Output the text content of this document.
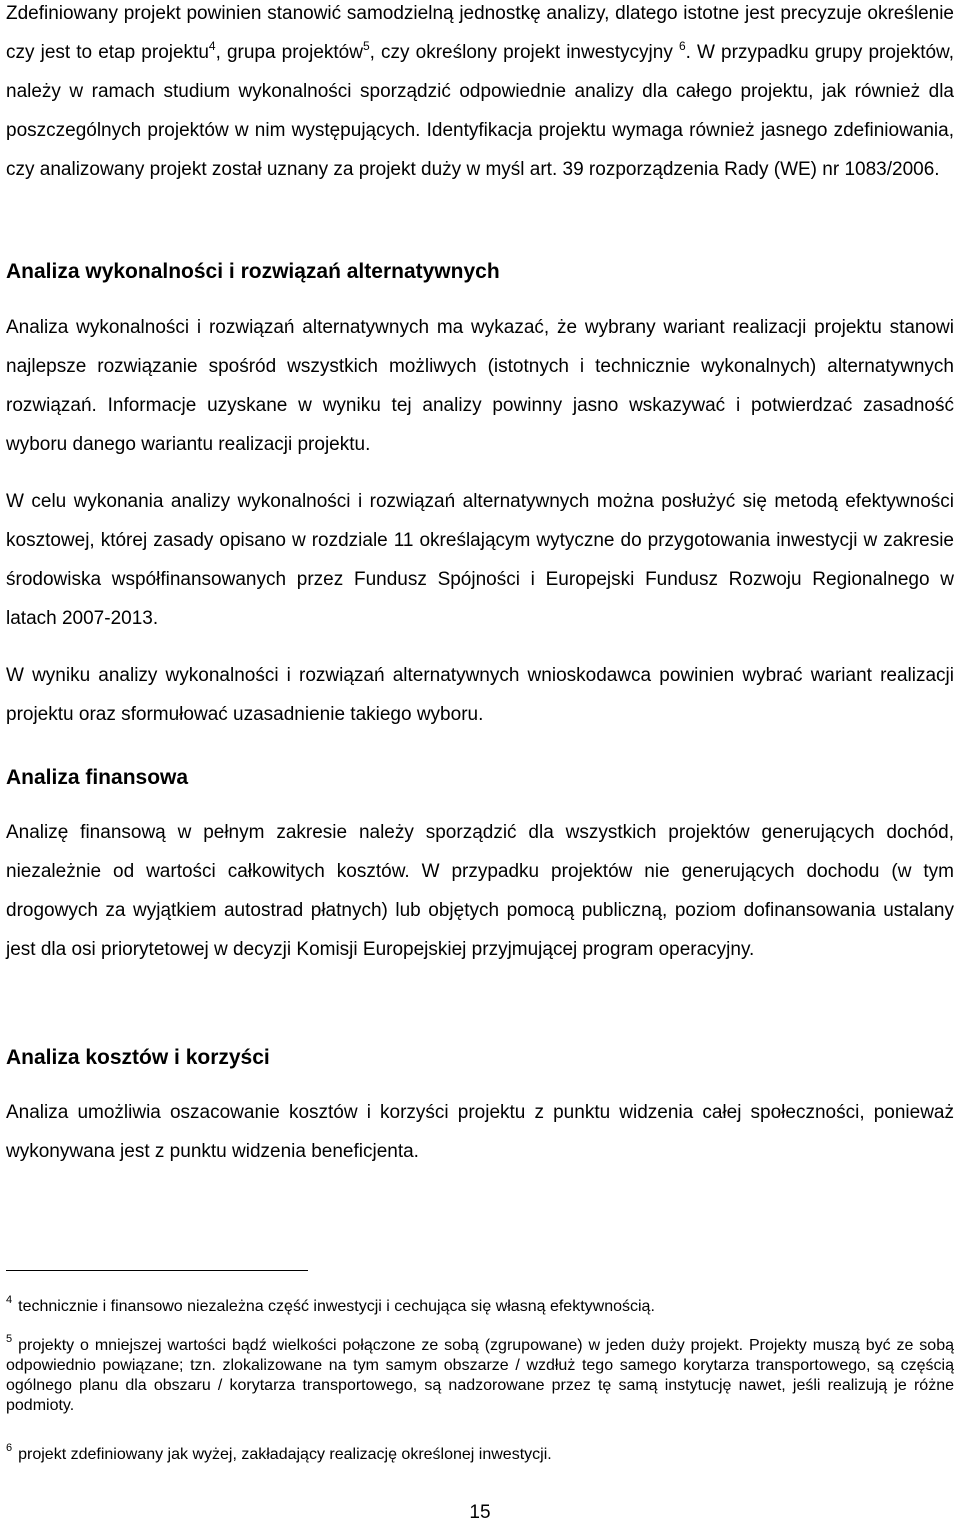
Zdefiniowany projekt powinien stanowić samodzielną jednostkę analizy, dlatego istotne jest precyzuje określenie czy jest to etap projektu$^4$, grupa projektów$^5$, czy określony projekt inwestycyjny $^6$. W przypadku grupy projektów, należy w ramach studium wykonalności sporządzić odpowiednie analizy dla całego projektu, jak również dla poszczególnych projektów w nim występujących. Identyfikacja projektu wymaga również jasnego zdefiniowania, czy analizowany projekt został uznany za projekt duży w myśl art. 39 rozporządzenia Rady (WE) nr 1083/2006.

Analiza wykonalności i rozwiązań alternatywnych

Analiza wykonalności i rozwiązań alternatywnych ma wykazać, że wybrany wariant realizacji projektu stanowi najlepsze rozwiązanie spośród wszystkich możliwych (istotnych i technicznie wykonalnych) alternatywnych rozwiązań. Informacje uzyskane w wyniku tej analizy powinny jasno wskazywać i potwierdzać zasadność wyboru danego wariantu realizacji projektu.

W celu wykonania analizy wykonalności i rozwiązań alternatywnych można posłużyć się metodą efektywności kosztowej, której zasady opisano w rozdziale 11 określającym wytyczne do przygotowania inwestycji w zakresie środowiska współfinansowanych przez Fundusz Spójności i Europejski Fundusz Rozwoju Regionalnego w latach 2007-2013.

W wyniku analizy wykonalności i rozwiązań alternatywnych wnioskodawca powinien wybrać wariant realizacji projektu oraz sformułować uzasadnienie takiego wyboru.

Analiza finansowa

Analizę finansową w pełnym zakresie należy sporządzić dla wszystkich projektów generujących dochód, niezależnie od wartości całkowitych kosztów. W przypadku projektów nie generujących dochodu (w tym drogowych za wyjątkiem autostrad płatnych) lub objętych pomocą publiczną, poziom dofinansowania ustalany jest dla osi priorytetowej w decyzji Komisji Europejskiej przyjmującej program operacyjny.

Analiza kosztów i korzyści

Analiza umożliwia oszacowanie kosztów i korzyści projektu z punktu widzenia całej społeczności, ponieważ wykonywana jest z punktu widzenia beneficjenta.

$^4$ technicznie i finansowo niezależna część inwestycji i cechująca się własną efektywnością.
$^5$ projekty o mniejszej wartości bądź wielkości połączone ze sobą (zgrupowane) w jeden duży projekt. Projekty muszą być ze sobą odpowiednio powiązane; tzn. zlokalizowane na tym samym obszarze / wzdłuż tego samego korytarza transportowego, są częścią ogólnego planu dla obszaru / korytarza transportowego, są nadzorowane przez tę samą instytucję nawet, jeśli realizują je różne podmioty.
$^6$ projekt zdefiniowany jak wyżej, zakładający realizację określonej inwestycji.
15
